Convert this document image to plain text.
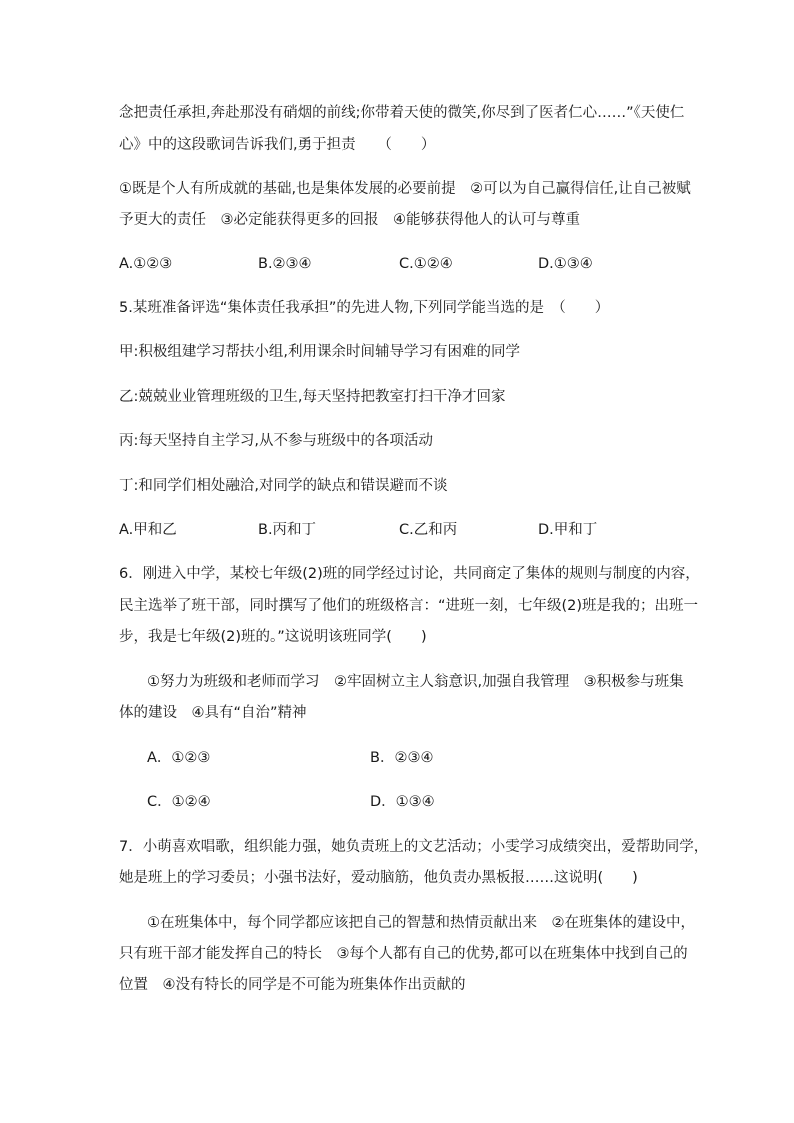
念把责任承担,奔赴那没有硝烟的前线;你带着天使的微笑,你尽到了医者仁心……”《天使仁
心》中的这段歌词告诉我们,勇于担责　　（　　）
①既是个人有所成就的基础,也是集体发展的必要前提　②可以为自己赢得信任,让自己被赋
予更大的责任　③必定能获得更多的回报　④能够获得他人的认可与尊重
A.①②③	B.②③④	C.①②④	D.①③④
5.某班准备评选“集体责任我承担”的先进人物,下列同学能当选的是　（　　）
甲:积极组建学习帮扶小组,利用课余时间辅导学习有困难的同学
乙:兢兢业业管理班级的卫生,每天坚持把教室打扫干净才回家
丙:每天坚持自主学习,从不参与班级中的各项活动
丁:和同学们相处融洽,对同学的缺点和错误避而不谈
A.甲和乙	B.丙和丁	C.乙和丙	D.甲和丁
6．刚进入中学，某校七年级(2)班的同学经过讨论，共同商定了集体的规则与制度的内容，
民主选举了班干部，同时撰写了他们的班级格言：“进班一刻，七年级(2)班是我的；出班一
步，我是七年级(2)班的。”这说明该班同学(　　)
①努力为班级和老师而学习　②牢固树立主人翁意识,加强自我管理　③积极参与班集
体的建设　④具有“自治”精神
A．①②③	B．②③④
C．①②④	D．①③④
7．小萌喜欢唱歌，组织能力强，她负责班上的文艺活动；小雯学习成绩突出，爱帮助同学，
她是班上的学习委员；小强书法好，爱动脑筋，他负责办黑板报……这说明(　　)
①在班集体中，每个同学都应该把自己的智慧和热情贡献出来　②在班集体的建设中，
只有班干部才能发挥自己的特长　③每个人都有自己的优势,都可以在班集体中找到自己的
位置　④没有特长的同学是不可能为班集体作出贡献的
